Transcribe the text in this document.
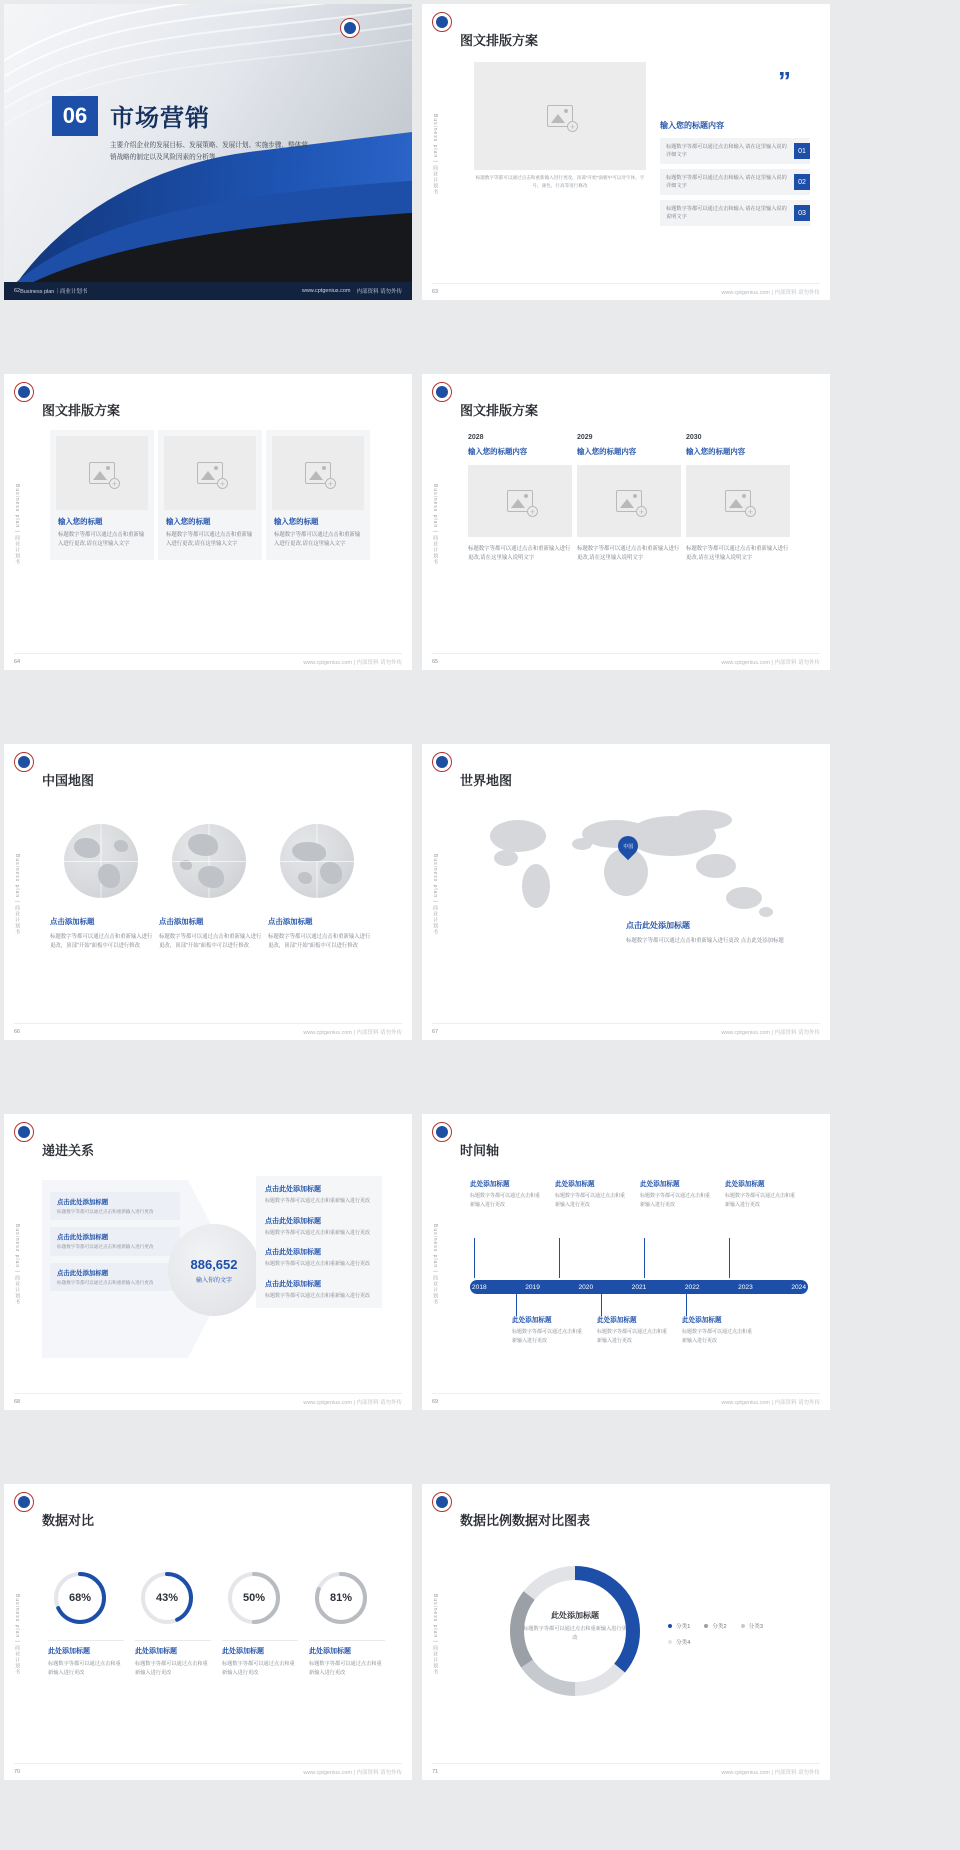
06 市场营销
主要介绍企业的发展目标、发展策略、发展计划、实施步骤、整体营销战略的制定以及风险因素的分析等。
62 Business plan｜商业计划书	www.cptgenius.com 内部资料 请勿外传
Business plan | 商业计划书
图文排版方案
+
标题数字等都可以通过点击和重新输入进行更改，顶部"开始"面板中可以对字体、字号、颜色、行高等进行修改
”
输入您的标题内容
标题数字等都可以通过点击和输入 请在这里输入说的详细文字
01
标题数字等都可以通过点击和输入 请在这里输入说的详细文字
02
标题数字等都可以通过点击和输入 请在这里输入说的说明文字
03
63	www.cptgenius.com | 内部资料 请勿外传
Business plan | 商业计划书
图文排版方案
+
输入您的标题

标题数字等都可以通过点击和重新输入进行更改,请在这里输入文字

+
输入您的标题

标题数字等都可以通过点击和重新输入进行更改,请在这里输入文字

+
输入您的标题

标题数字等都可以通过点击和重新输入进行更改,请在这里输入文字

64	www.cptgenius.com | 内部资料 请勿外传
Business plan | 商业计划书
图文排版方案
2028
输入您的标题内容
+

标题数字等都可以通过点击和重新输入进行更改,请在这里输入说明文字

2029
输入您的标题内容
+

标题数字等都可以通过点击和重新输入进行更改,请在这里输入说明文字

2030
输入您的标题内容
+

标题数字等都可以通过点击和重新输入进行更改,请在这里输入说明文字

65	www.cptgenius.com | 内部资料 请勿外传
Business plan | 商业计划书
中国地图
点击添加标题

标题数字等都可以通过点击和重新输入进行更改，顶部"开始"面板中可以进行修改

点击添加标题

标题数字等都可以通过点击和重新输入进行更改，顶部"开始"面板中可以进行修改

点击添加标题

标题数字等都可以通过点击和重新输入进行更改，顶部"开始"面板中可以进行修改

66	www.cptgenius.com | 内部资料 请勿外传
Business plan | 商业计划书
世界地图
中国
点击此处添加标题

标题数字等都可以通过点击和重新输入进行更改 点击此处添加标题

67	www.cptgenius.com | 内部资料 请勿外传
Business plan | 商业计划书
递进关系
点击此处添加标题
标题数字等都可以通过点击和重新输入进行更改
点击此处添加标题
标题数字等都可以通过点击和重新输入进行更改
点击此处添加标题
标题数字等都可以通过点击和重新输入进行更改
886,652
输入你的文字
点击此处添加标题

标题数字等都可以通过点击和重新输入进行更改

点击此处添加标题

标题数字等都可以通过点击和重新输入进行更改

点击此处添加标题

标题数字等都可以通过点击和重新输入进行更改

点击此处添加标题

标题数字等都可以通过点击和重新输入进行更改

68	www.cptgenius.com | 内部资料 请勿外传
Business plan | 商业计划书
时间轴
此处添加标题

标题数字等都可以通过点击和重新输入进行更改

此处添加标题

标题数字等都可以通过点击和重新输入进行更改

此处添加标题

标题数字等都可以通过点击和重新输入进行更改

此处添加标题

标题数字等都可以通过点击和重新输入进行更改

2018	2019	2020	2021	2022	2023	2024
此处添加标题

标题数字等都可以通过点击和重新输入进行更改

此处添加标题

标题数字等都可以通过点击和重新输入进行更改

此处添加标题

标题数字等都可以通过点击和重新输入进行更改

69	www.cptgenius.com | 内部资料 请勿外传
Business plan | 商业计划书
数据对比
68%	43%	50%	81%
此处添加标题

标题数字等都可以通过点击和重新输入进行更改

此处添加标题

标题数字等都可以通过点击和重新输入进行更改

此处添加标题

标题数字等都可以通过点击和重新输入进行更改

此处添加标题

标题数字等都可以通过点击和重新输入进行更改

70	www.cptgenius.com | 内部资料 请勿外传
Business plan | 商业计划书
数据比例数据对比图表
此处添加标题
标题数字等都可以通过点击和重新输入进行更改
分类1	分类2	分类3
分类4
71	www.cptgenius.com | 内部资料 请勿外传
